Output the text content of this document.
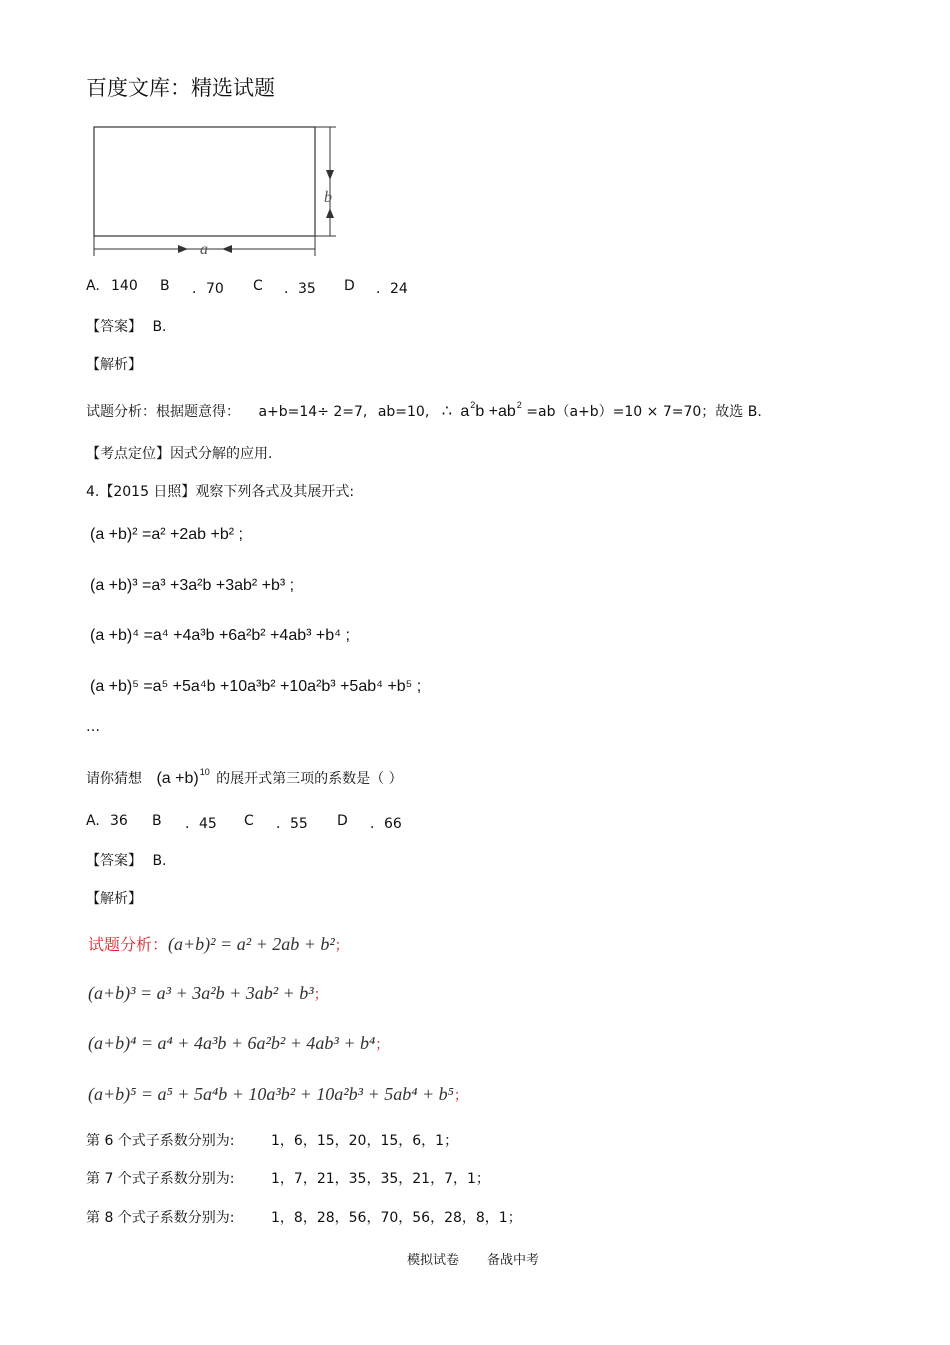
百度文库：精选试题
b
a
A. 140 B ．70 C ．35 D ．24
【答案】 B.
【解析】
试题分析：根据题意得： a+b=14÷ 2=7, ab=10, ∴ $a^2b +ab^2 =ab(a+b)=10 \times 7=70$；故选 B.
【考点定位】因式分解的应用.
4.【2015 日照】观察下列各式及其展开式:
(a +b)² =a² +2ab +b² ;
(a +b)³ =a³ +3a²b +3ab² +b³ ;
(a +b)⁴ =a⁴ +4a³b +6a²b² +4ab³ +b⁴ ;
(a +b)⁵ =a⁵ +5a⁴b +10a³b² +10a²b³ +5ab⁴ +b⁵ ;
…
请你猜想 $(a +b)^{10}$ 的展开式第三项的系数是（ ）
A. 36 B ．45 C ．55 D ．66
【答案】 B.
【解析】
试题分析：(a+b)² = a² + 2ab + b²；
(a+b)³ = a³ + 3a²b + 3ab² + b³；
(a+b)⁴ = a⁴ + 4a³b + 6a²b² + 4ab³ + b⁴；
(a+b)⁵ = a⁵ + 5a⁴b + 10a³b² + 10a²b³ + 5ab⁴ + b⁵；
第 6 个式子系数分别为:	1，6，15，20，15，6，1；
第 7 个式子系数分别为:	1，7，21，35，35，21，7，1；
第 8 个式子系数分别为:	1，8，28，56，70，56，28，8，1；
模拟试卷 备战中考
